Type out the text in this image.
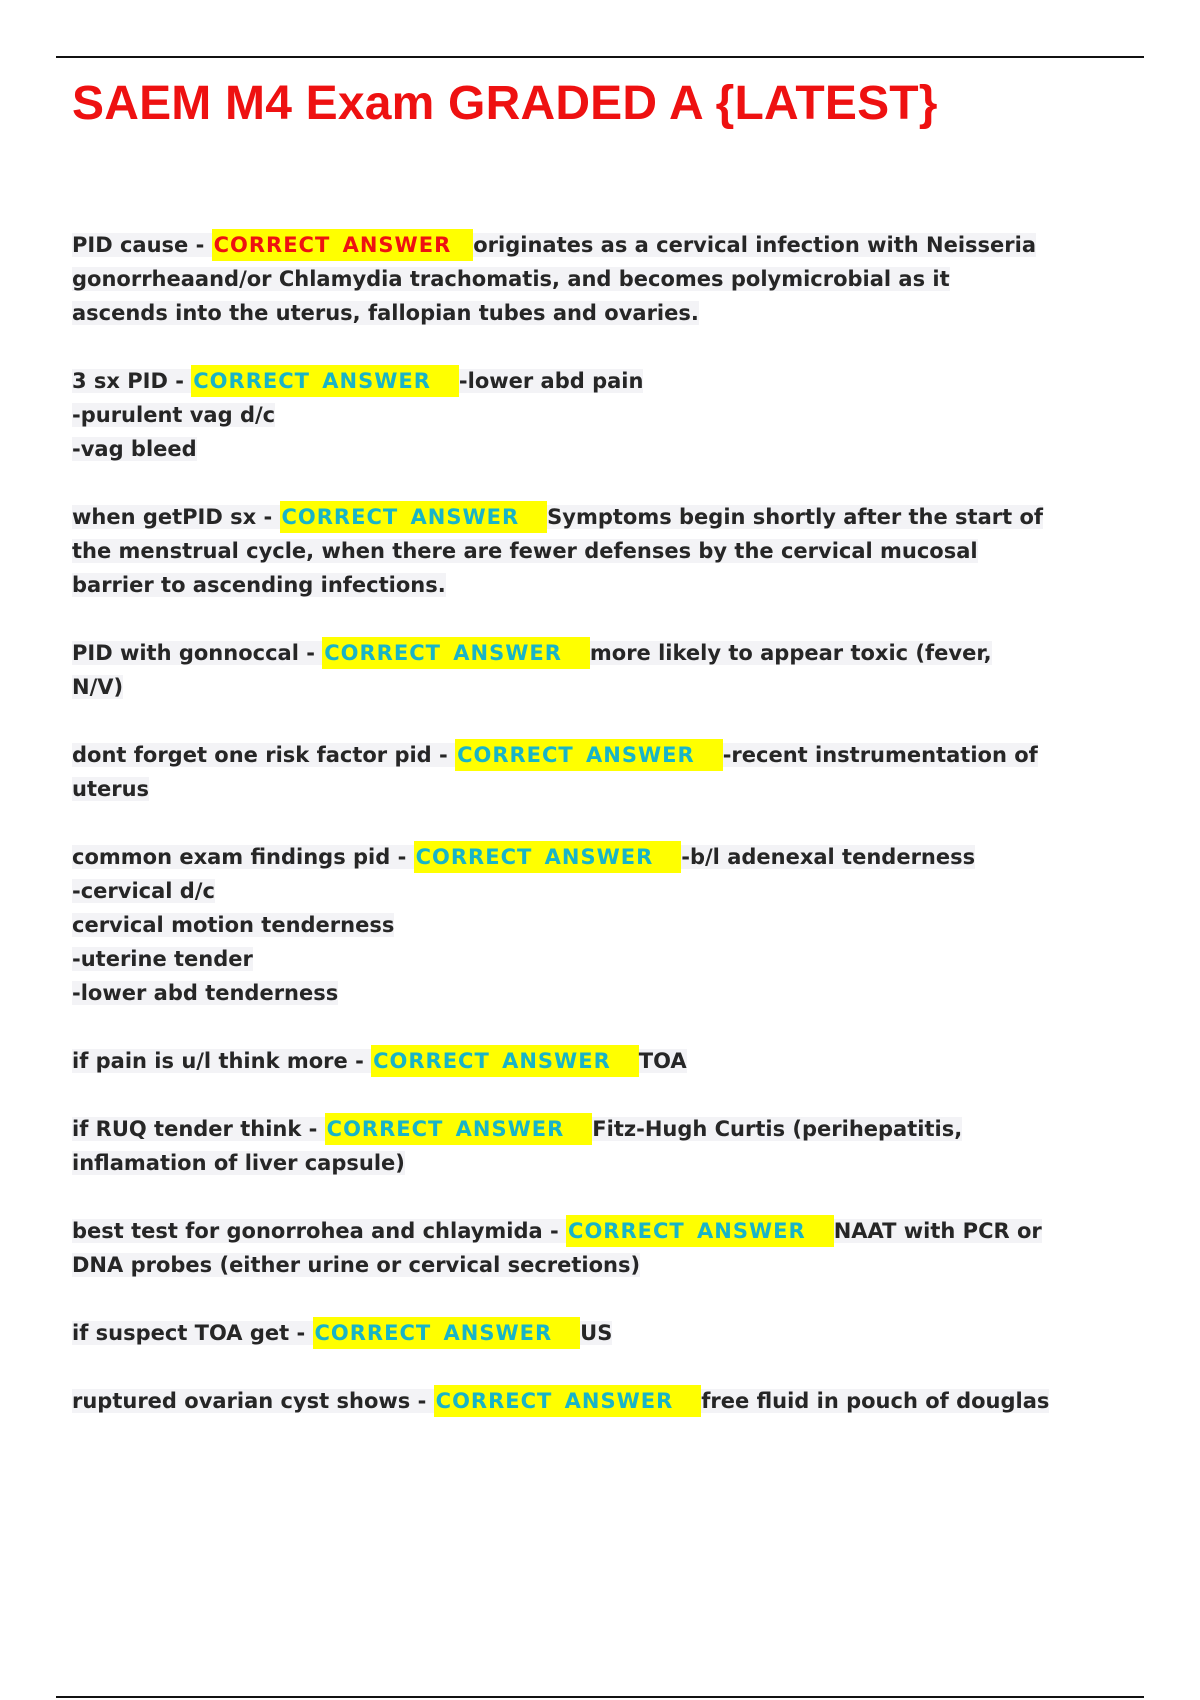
SAEM M4 Exam GRADED A {LATEST}
PID cause - CORRECT ANSWER originates as a cervical infection with Neisseria
gonorrheaand/or Chlamydia trachomatis, and becomes polymicrobial as it
ascends into the uterus, fallopian tubes and ovaries.
3 sx PID - CORRECT ANSWER -lower abd pain
-purulent vag d/c
-vag bleed
when getPID sx - CORRECT ANSWER Symptoms begin shortly after the start of
the menstrual cycle, when there are fewer defenses by the cervical mucosal
barrier to ascending infections.
PID with gonnoccal - CORRECT ANSWER more likely to appear toxic (fever,
N/V)
dont forget one risk factor pid - CORRECT ANSWER -recent instrumentation of
uterus
common exam findings pid - CORRECT ANSWER -b/l adenexal tenderness
-cervical d/c
cervical motion tenderness
-uterine tender
-lower abd tenderness
if pain is u/l think more - CORRECT ANSWER TOA
if RUQ tender think - CORRECT ANSWER Fitz-Hugh Curtis (perihepatitis,
inflamation of liver capsule)
best test for gonorrohea and chlaymida - CORRECT ANSWER NAAT with PCR or
DNA probes (either urine or cervical secretions)
if suspect TOA get - CORRECT ANSWER US
ruptured ovarian cyst shows - CORRECT ANSWER free fluid in pouch of douglas
